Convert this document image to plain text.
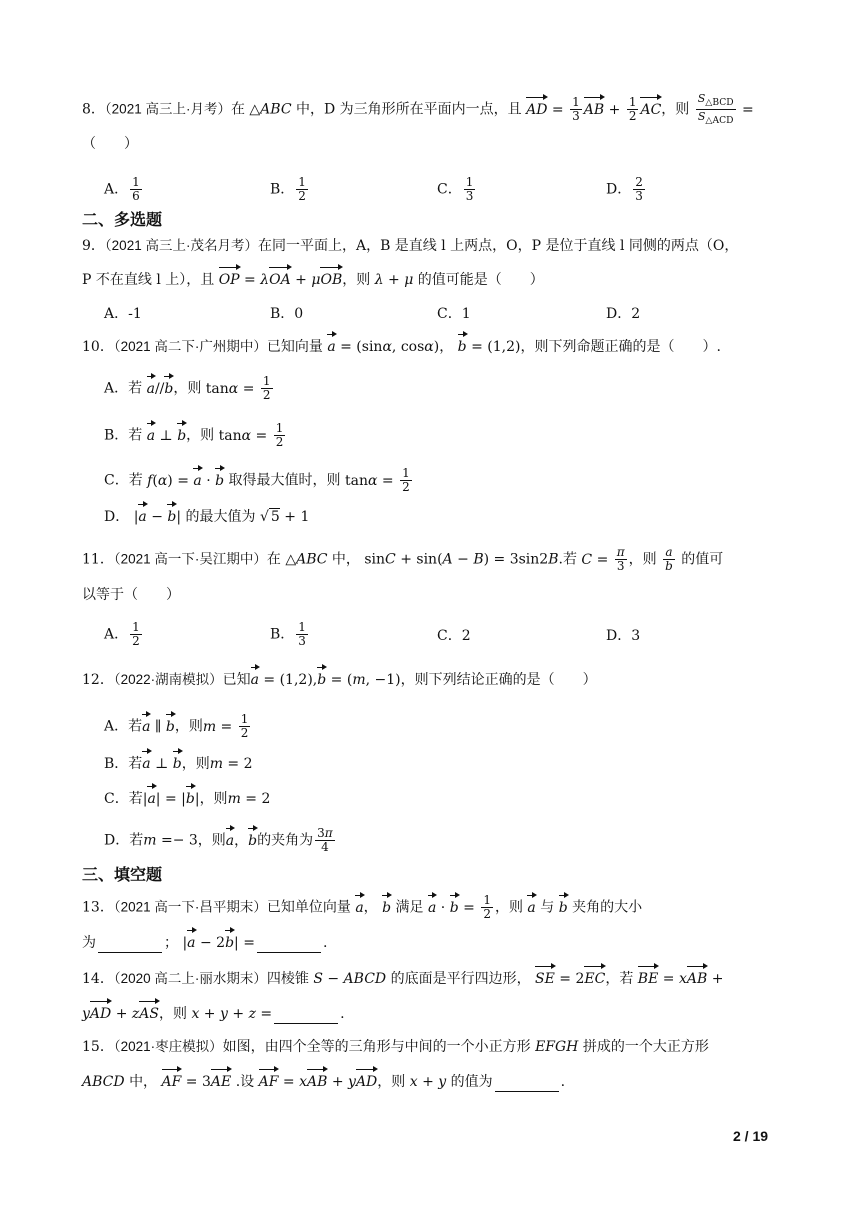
8．（2021 高三上·月考）在 △ABC 中，D 为三角形所在平面内一点，且 AD = $\frac{1}{3}$ AB + $\frac{1}{2}$ AC，则 $\frac{S_{\triangle BCD}}{S_{\triangle ACD}}$ =
（　　）
A． $\frac{1}{6}$	B． $\frac{1}{2}$	C． $\frac{1}{3}$	D． $\frac{2}{3}$
二、多选题
9．（2021 高三上·茂名月考）在同一平面上，A，B 是直线 l 上两点，O，P 是位于直线 l 同侧的两点（O，
P 不在直线 l 上），且 OP = λOA + μOB，则 λ + μ 的值可能是（　　）
A．-1	B．0	C．1	D．2
10．（2021 高二下·广州期中）已知向量 a = (sinα, cosα)， b = (1,2)，则下列命题正确的是（　　）.
A．若 a//b，则 $\tan\alpha = \frac{1}{2}$
B．若 a ⊥ b，则 $\tan\alpha = \frac{1}{2}$
C．若 f(α) = a · b 取得最大值时，则 $\tan\alpha = \frac{1}{2}$
D． |a − b| 的最大值为 √ 5 + 1
11．（2021 高一下·吴江期中）在 △ABC 中， sinC + sin(A − B) = 3sin2B.若 $C = \frac{\pi}{3}$ ，则 $\frac{a}{b}$ 的值可
以等于（　　）
A． $\frac{1}{2}$	B． $\frac{1}{3}$	C．2	D．3
12．（2022·湖南模拟）已知a = (1,2),b = (m, −1)，则下列结论正确的是（　　）
A．若a ∥ b，则$m = \frac{1}{2}$
B．若a ⊥ b，则m = 2
C．若|a| = |b|，则m = 2
D．若m =− 3，则a，b的夹角为 $\frac{3\pi}{4}$
三、填空题
13．（2021 高一下·昌平期末）已知单位向量 a， b 满足 $a \cdot b = \frac{1}{2}$ ，则 a 与 b 夹角的大小
为	； |a − 2b| =	.
14．（2020 高二上·丽水期末）四棱锥 S − ABCD 的底面是平行四边形， SE = 2EC，若 BE = xAB +
yAD + zAS，则 x + y + z =	.
15．（2021·枣庄模拟）如图，由四个全等的三角形与中间的一个小正方形 EFGH 拼成的一个大正方形
ABCD 中， AF = 3AE .设 AF = xAB + yAD，则 x + y 的值为	.
2 / 19
